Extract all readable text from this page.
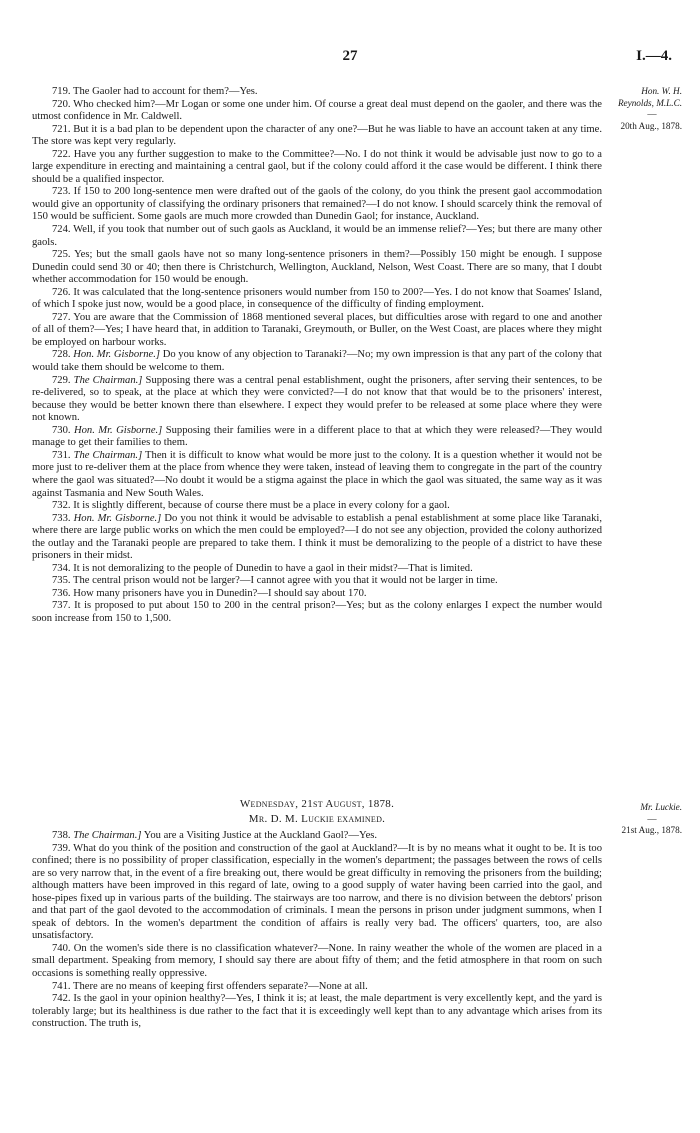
27	I.—4.
Hon. W. H.
Reynolds, M.L.C.
—
20th Aug., 1878.

719. The Gaoler had to account for them?—Yes.

720. Who checked him?—Mr Logan or some one under him. Of course a great deal must depend on the gaoler, and there was the utmost confidence in Mr. Caldwell.

721. But it is a bad plan to be dependent upon the character of any one?—But he was liable to have an account taken at any time. The store was kept very regularly.

722. Have you any further suggestion to make to the Committee?—No. I do not think it would be advisable just now to go to a large expenditure in erecting and maintaining a central gaol, but if the colony could afford it the case would be different. I think there should be a qualified inspector.

723. If 150 to 200 long-sentence men were drafted out of the gaols of the colony, do you think the present gaol accommodation would give an opportunity of classifying the ordinary prisoners that remained?—I do not know. I should scarcely think the removal of 150 would be sufficient. Some gaols are much more crowded than Dunedin Gaol; for instance, Auckland.

724. Well, if you took that number out of such gaols as Auckland, it would be an immense relief?—Yes; but there are many other gaols.

725. Yes; but the small gaols have not so many long-sentence prisoners in them?—Possibly 150 might be enough. I suppose Dunedin could send 30 or 40; then there is Christchurch, Wellington, Auckland, Nelson, West Coast. There are so many, that I doubt whether accommodation for 150 would be enough.

726. It was calculated that the long-sentence prisoners would number from 150 to 200?—Yes. I do not know that Soames' Island, of which I spoke just now, would be a good place, in consequence of the difficulty of finding employment.

727. You are aware that the Commission of 1868 mentioned several places, but difficulties arose with regard to one and another of all of them?—Yes; I have heard that, in addition to Taranaki, Greymouth, or Buller, on the West Coast, are places where they might be employed on harbour works.

728. Hon. Mr. Gisborne.] Do you know of any objection to Taranaki?—No; my own impression is that any part of the colony that would take them should be welcome to them.

729. The Chairman.] Supposing there was a central penal establishment, ought the prisoners, after serving their sentences, to be re-delivered, so to speak, at the place at which they were convicted?—I do not know that that would be to the prisoners' interest, because they would be better known there than elsewhere. I expect they would prefer to be released at some place where they were not known.

730. Hon. Mr. Gisborne.] Supposing their families were in a different place to that at which they were released?—They would manage to get their families to them.

731. The Chairman.] Then it is difficult to know what would be more just to the colony. It is a question whether it would not be more just to re-deliver them at the place from whence they were taken, instead of leaving them to congregate in the part of the country where the gaol was situated?—No doubt it would be a stigma against the place in which the gaol was situated, the same way as it was against Tasmania and New South Wales.

732. It is slightly different, because of course there must be a place in every colony for a gaol.

733. Hon. Mr. Gisborne.] Do you not think it would be advisable to establish a penal establishment at some place like Taranaki, where there are large public works on which the men could be employed?—I do not see any objection, provided the colony authorized the outlay and the Taranaki people are prepared to take them. I think it must be demoralizing to the people of a district to have these prisoners in their midst.

734. It is not demoralizing to the people of Dunedin to have a gaol in their midst?—That is limited.

735. The central prison would not be larger?—I cannot agree with you that it would not be larger in time.

736. How many prisoners have you in Dunedin?—I should say about 170.

737. It is proposed to put about 150 to 200 in the central prison?—Yes; but as the colony enlarges I expect the number would soon increase from 150 to 1,500.

Wednesday, 21st August, 1878.
Mr. D. M. Luckie examined.
Mr. Luckie.
—
21st Aug., 1878.

738. The Chairman.] You are a Visiting Justice at the Auckland Gaol?—Yes.

739. What do you think of the position and construction of the gaol at Auckland?—It is by no means what it ought to be. It is too confined; there is no possibility of proper classification, especially in the women's department; the passages between the rows of cells are so very narrow that, in the event of a fire breaking out, there would be great difficulty in removing the prisoners from the building; although matters have been improved in this regard of late, owing to a good supply of water having been carried into the gaol, and hose-pipes fixed up in various parts of the building. The stairways are too narrow, and there is no division between the debtors' prison and that part of the gaol devoted to the accommodation of criminals. I mean the persons in prison under judgment summons, when I speak of debtors. In the women's department the condition of affairs is really very bad. The officers' quarters, too, are also unsatisfactory.

740. On the women's side there is no classification whatever?—None. In rainy weather the whole of the women are placed in a small department. Speaking from memory, I should say there are about fifty of them; and the fetid atmosphere in that room on such occasions is something really oppressive.

741. There are no means of keeping first offenders separate?—None at all.

742. Is the gaol in your opinion healthy?—Yes, I think it is; at least, the male department is very excellently kept, and the yard is tolerably large; but its healthiness is due rather to the fact that it is exceedingly well kept than to any advantage which arises from its construction. The truth is,
